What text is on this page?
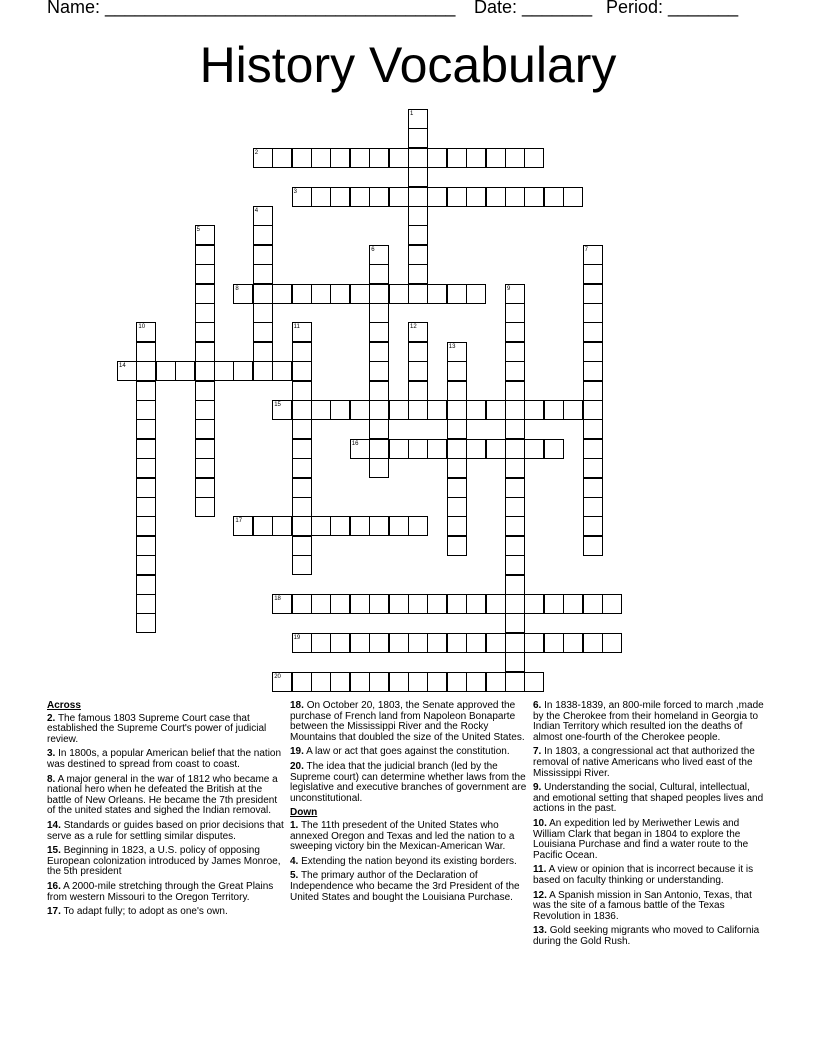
Name: ___________________________________ Date: _______ Period: _______
History Vocabulary
1
2
3
4
5
6	7
8	9
10	11	12
13
14
15
16
17
18
19
20
Across
2. The famous 1803 Supreme Court case that established the Supreme Court's power of judicial review.
3. In 1800s, a popular American belief that the nation was destined to spread from coast to coast.
8. A major general in the war of 1812 who became a national hero when he defeated the British at the battle of New Orleans. He became the 7th president of the united states and sighed the Indian removal.
14. Standards or guides based on prior decisions that serve as a rule for settling similar disputes.
15. Beginning in 1823, a U.S. policy of opposing European colonization introduced by James Monroe, the 5th president
16. A 2000-mile stretching through the Great Plains from western Missouri to the Oregon Territory.
17. To adapt fully; to adopt as one's own.
18. On October 20, 1803, the Senate approved the purchase of French land from Napoleon Bonaparte between the Mississippi River and the Rocky Mountains that doubled the size of the United States.
19. A law or act that goes against the constitution.
20. The idea that the judicial branch (led by the Supreme court) can determine whether laws from the legislative and executive branches of government are unconstitutional.
Down
1. The 11th presedent of the United States who annexed Oregon and Texas and led the nation to a sweeping victory bin the Mexican-American War.
4. Extending the nation beyond its existing borders.
5. The primary author of the Declaration of Independence who became the 3rd President of the United States and bought the Louisiana Purchase.
6. In 1838-1839, an 800-mile forced to march ,made by the Cherokee from their homeland in Georgia to Indian Territory which resulted ion the deaths of almost one-fourth of the Cherokee people.
7. In 1803, a congressional act that authorized the removal of native Americans who lived east of the Mississippi River.
9. Understanding the social, Cultural, intellectual, and emotional setting that shaped peoples lives and actions in the past.
10. An expedition led by Meriwether Lewis and William Clark that began in 1804 to explore the Louisiana Purchase and find a water route to the Pacific Ocean.
11. A view or opinion that is incorrect because it is based on faculty thinking or understanding.
12. A Spanish mission in San Antonio, Texas, that was the site of a famous battle of the Texas Revolution in 1836.
13. Gold seeking migrants who moved to California during the Gold Rush.
